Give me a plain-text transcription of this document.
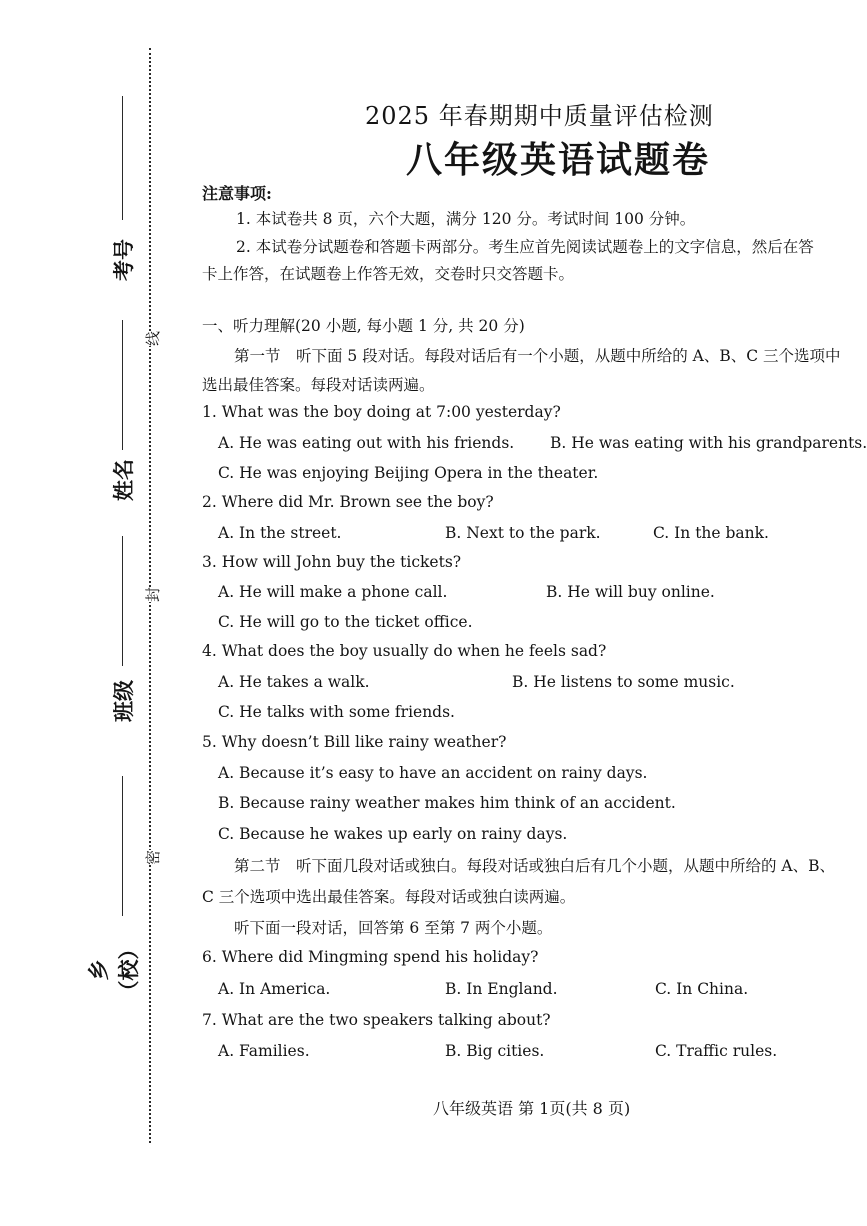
考号
姓名
班级
乡（校）
线
封
密
2025 年春期期中质量评估检测
八年级英语试题卷
注意事项:
1. 本试卷共 8 页，六个大题，满分 120 分。考试时间 100 分钟。
2. 本试卷分试题卷和答题卡两部分。考生应首先阅读试题卷上的文字信息，然后在答
卡上作答，在试题卷上作答无效，交卷时只交答题卡。
一、听力理解(20 小题, 每小题 1 分, 共 20 分)
第一节　听下面 5 段对话。每段对话后有一个小题，从题中所给的 A、B、C 三个选项中
选出最佳答案。每段对话读两遍。
1. What was the boy doing at 7:00 yesterday?
A. He was eating out with his friends. B. He was eating with his grandparents.
C. He was enjoying Beijing Opera in the theater.
2. Where did Mr. Brown see the boy?
A. In the street.	B. Next to the park.	C. In the bank.
3. How will John buy the tickets?
A. He will make a phone call.	B. He will buy online.
C. He will go to the ticket office.
4. What does the boy usually do when he feels sad?
A. He takes a walk.	B. He listens to some music.
C. He talks with some friends.
5. Why doesn’t Bill like rainy weather?
A. Because it’s easy to have an accident on rainy days.
B. Because rainy weather makes him think of an accident.
C. Because he wakes up early on rainy days.
第二节　听下面几段对话或独白。每段对话或独白后有几个小题，从题中所给的 A、B、
C 三个选项中选出最佳答案。每段对话或独白读两遍。
听下面一段对话，回答第 6 至第 7 两个小题。
6. Where did Mingming spend his holiday?
A. In America.	B. In England.	C. In China.
7. What are the two speakers talking about?
A. Families.	B. Big cities.	C. Traffic rules.
八年级英语 第 1页(共 8 页)
